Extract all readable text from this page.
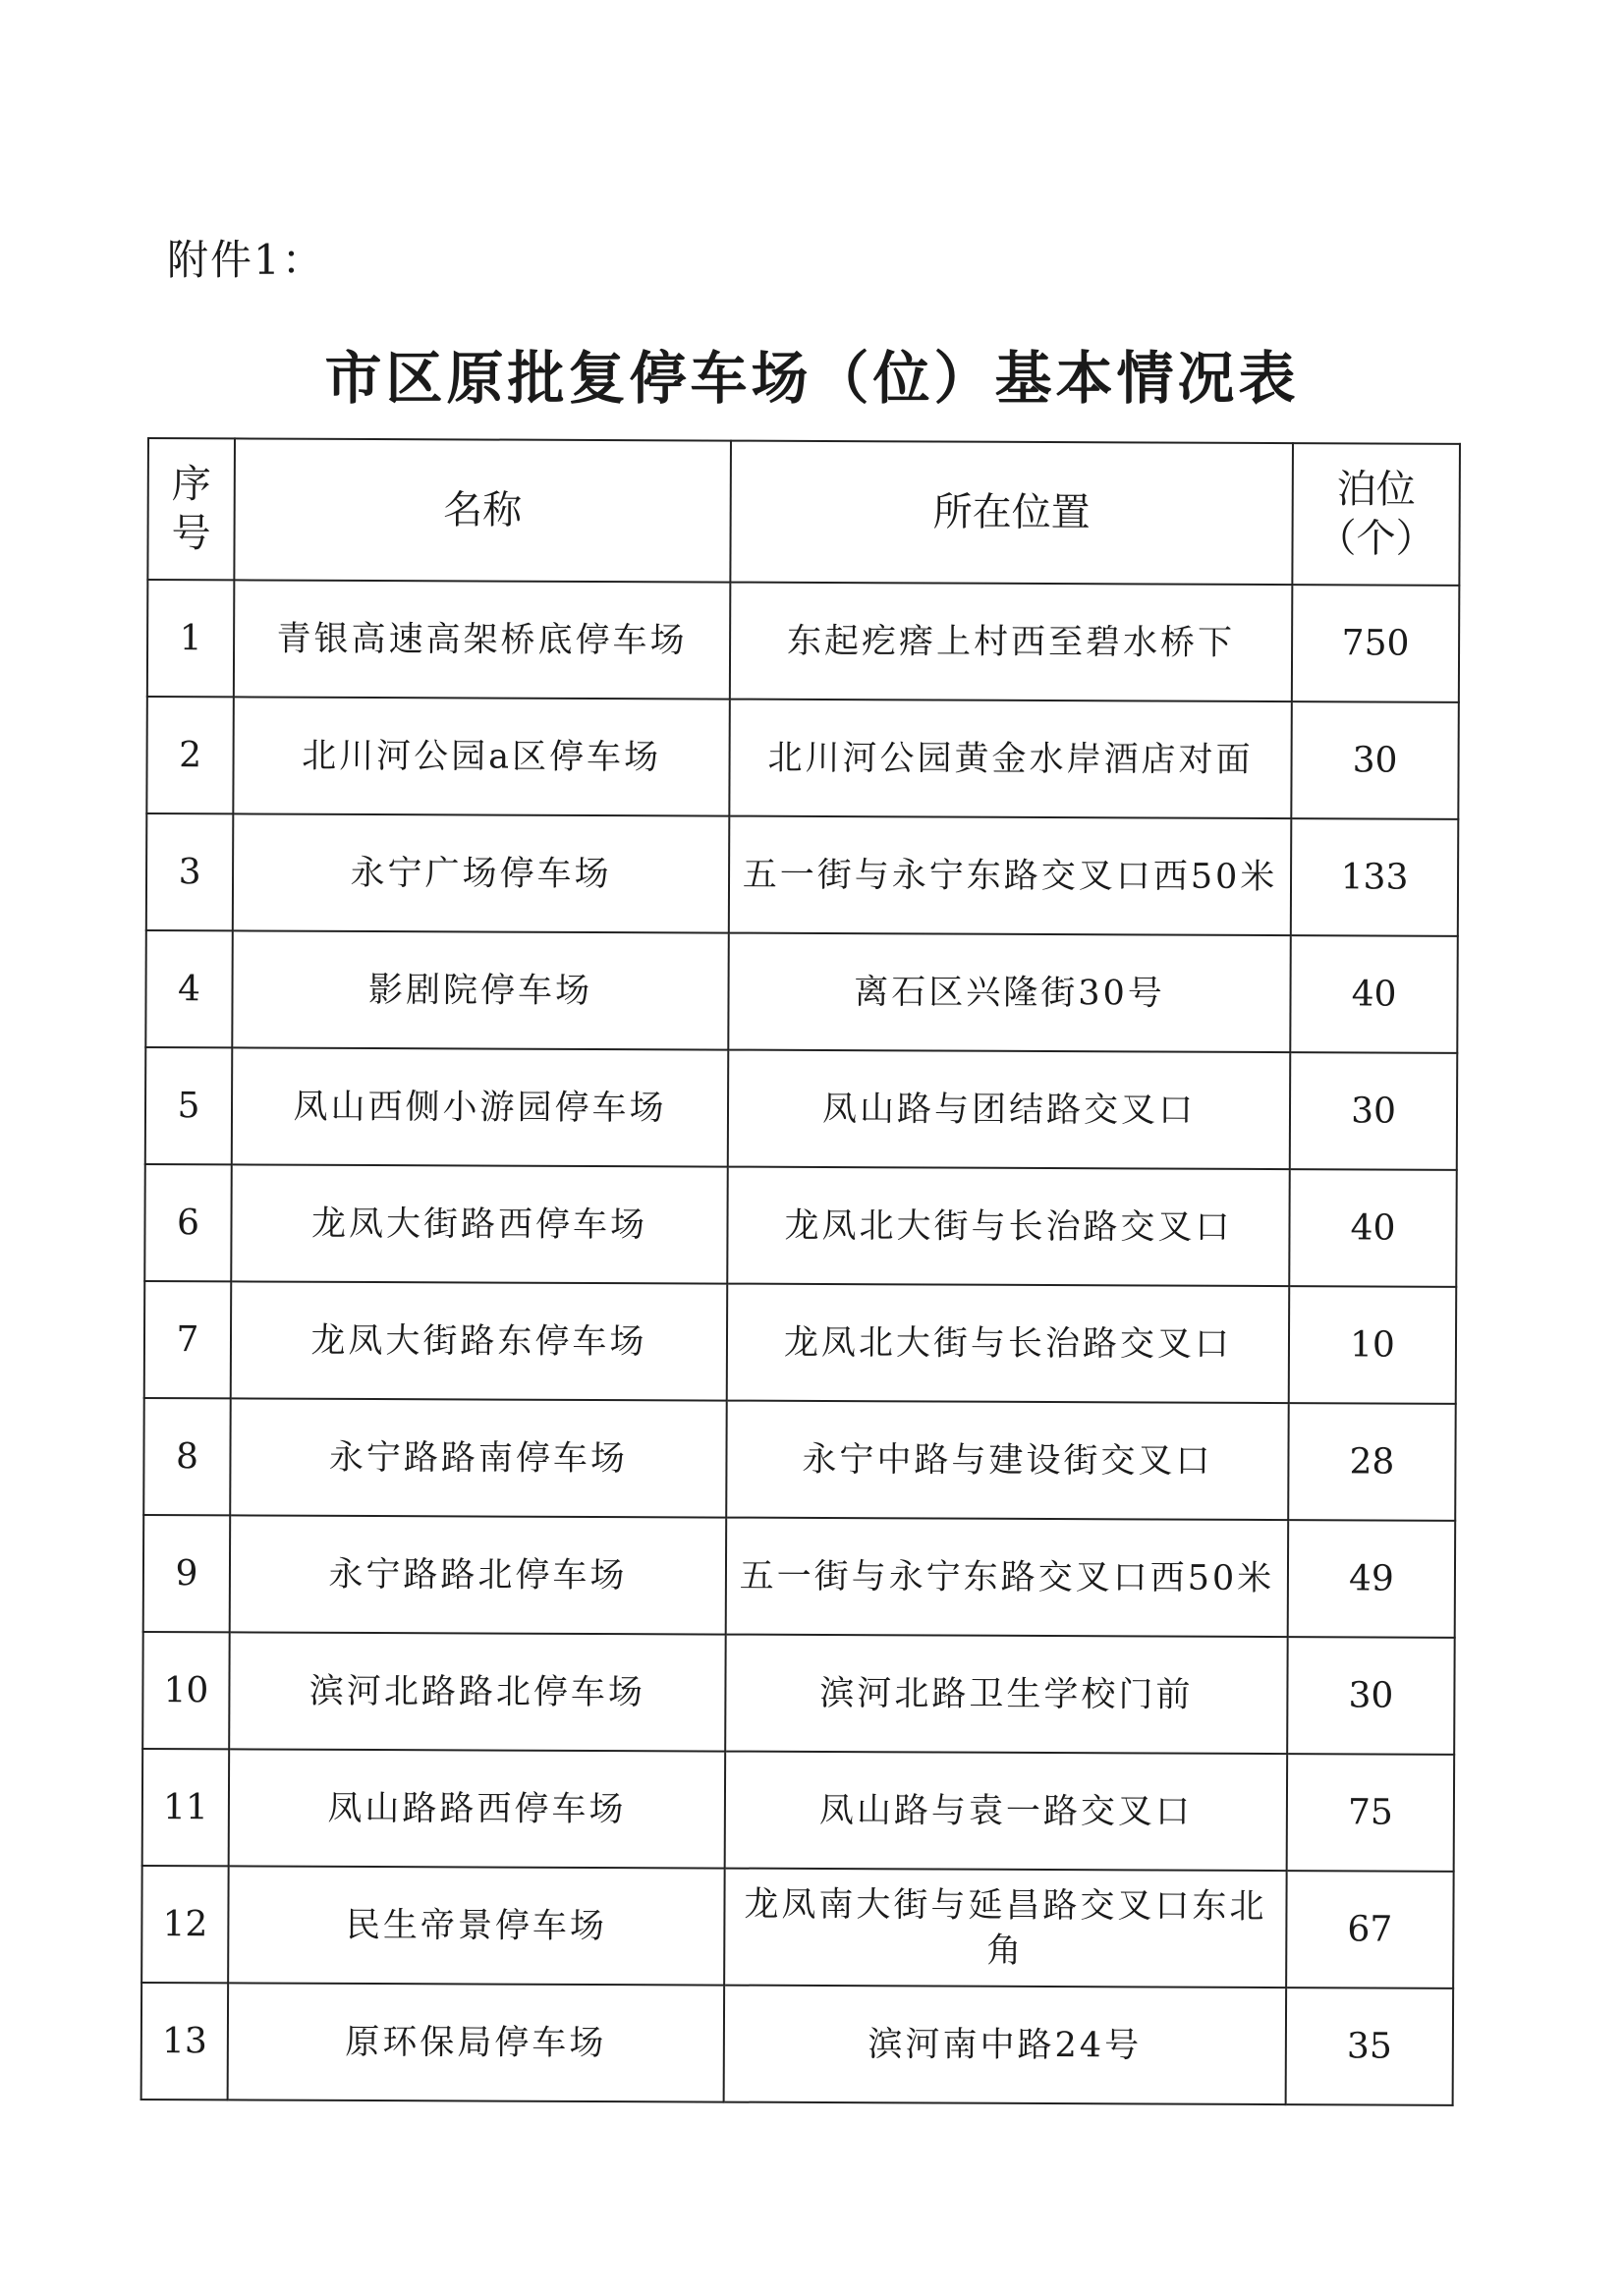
附件1：
市区原批复停车场（位）基本情况表
序号	名称	所在位置	泊位
（个）

1	青银高速高架桥底停车场	东起疙瘩上村西至碧水桥下	750
2	北川河公园a区停车场	北川河公园黄金水岸酒店对面	30
3	永宁广场停车场	五一街与永宁东路交叉口西50米	133
4	影剧院停车场	离石区兴隆街30号	40
5	凤山西侧小游园停车场	凤山路与团结路交叉口	30
6	龙凤大街路西停车场	龙凤北大街与长治路交叉口	40
7	龙凤大街路东停车场	龙凤北大街与长治路交叉口	10
8	永宁路路南停车场	永宁中路与建设街交叉口	28
9	永宁路路北停车场	五一街与永宁东路交叉口西50米	49
10	滨河北路路北停车场	滨河北路卫生学校门前	30
11	凤山路路西停车场	凤山路与袁一路交叉口	75
12	民生帝景停车场	龙凤南大街与延昌路交叉口东北角	67
13	原环保局停车场	滨河南中路24号	35
